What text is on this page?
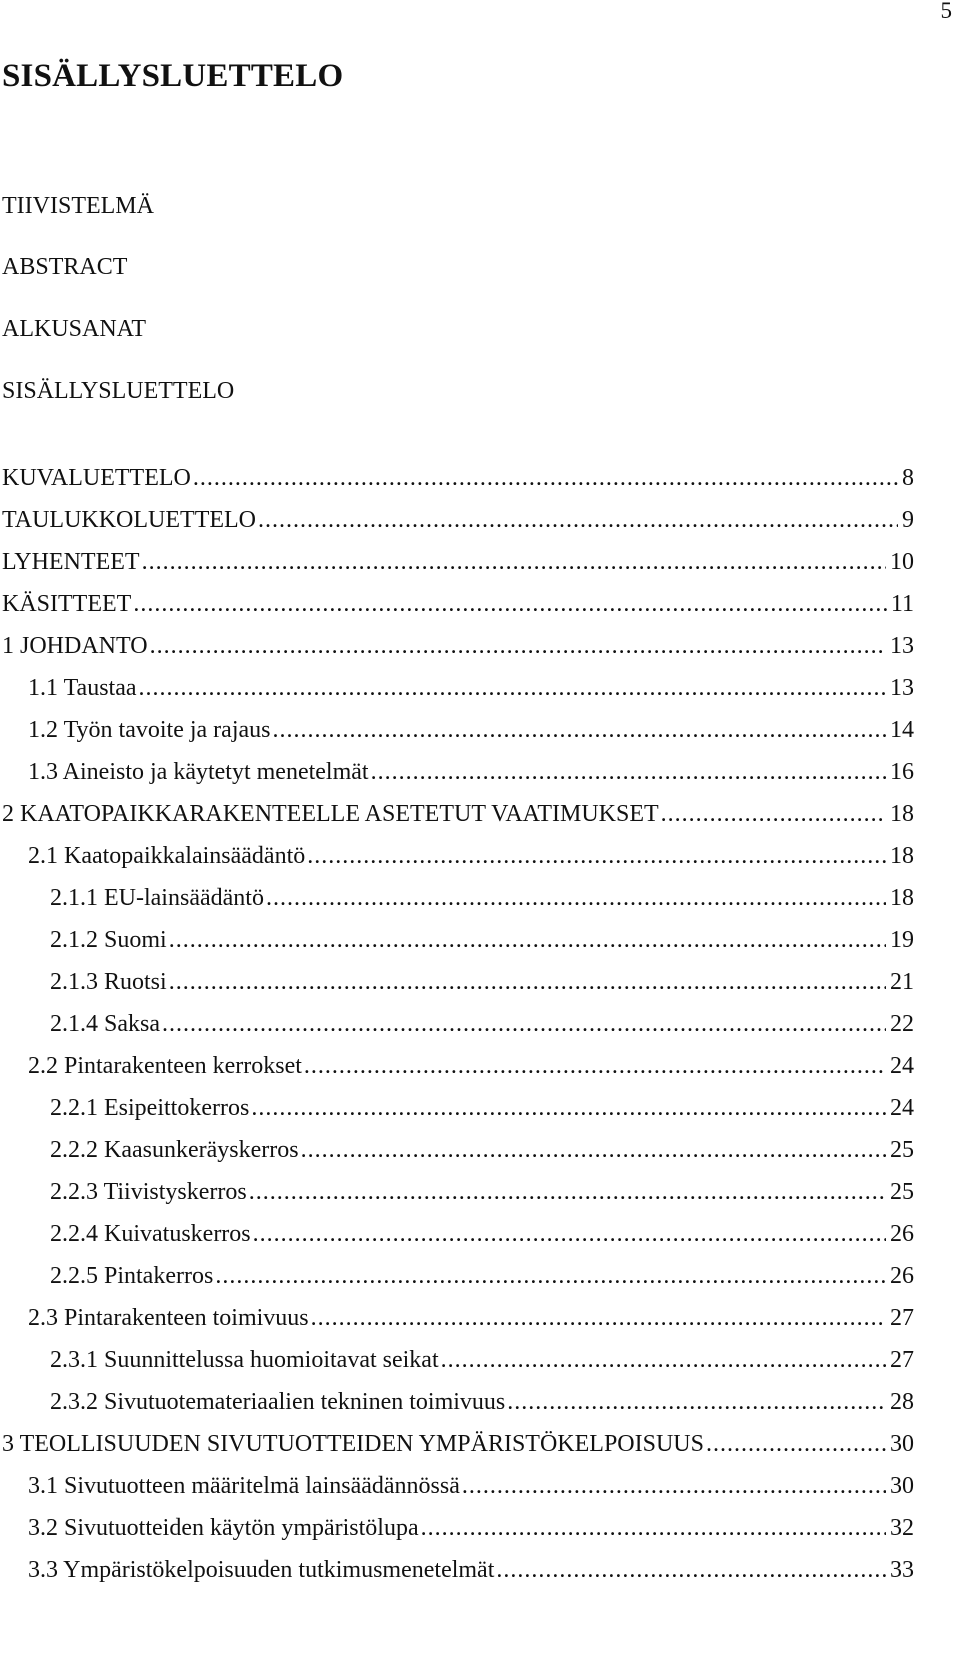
5
SISÄLLYSLUETTELO
TIIVISTELMÄ
ABSTRACT
ALKUSANAT
SISÄLLYSLUETTELO
KUVALUETTELO .....	8
TAULUKKOLUETTELO .....	9
LYHENTEET .....	10
KÄSITTEET .....	11
1 JOHDANTO .....	13
1.1 Taustaa .....	13
1.2 Työn tavoite ja rajaus .....	14
1.3 Aineisto ja käytetyt menetelmät .....	16
2 KAATOPAIKKARAKENTEELLE ASETETUT VAATIMUKSET .....	18
2.1 Kaatopaikkalainsäädäntö .....	18
2.1.1 EU-lainsäädäntö .....	18
2.1.2 Suomi .....	19
2.1.3 Ruotsi .....	21
2.1.4 Saksa .....	22
2.2 Pintarakenteen kerrokset .....	24
2.2.1 Esipeittokerros .....	24
2.2.2 Kaasunkeräyskerros .....	25
2.2.3 Tiivistyskerros .....	25
2.2.4 Kuivatuskerros .....	26
2.2.5 Pintakerros .....	26
2.3 Pintarakenteen toimivuus .....	27
2.3.1 Suunnittelussa huomioitavat seikat .....	27
2.3.2 Sivutuotemateriaalien tekninen toimivuus .....	28
3 TEOLLISUUDEN SIVUTUOTTEIDEN YMPÄRISTÖKELPOISUUS .....	30
3.1 Sivutuotteen määritelmä lainsäädännössä .....	30
3.2 Sivutuotteiden käytön ympäristölupa .....	32
3.3 Ympäristökelpoisuuden tutkimusmenetelmät .....	33
